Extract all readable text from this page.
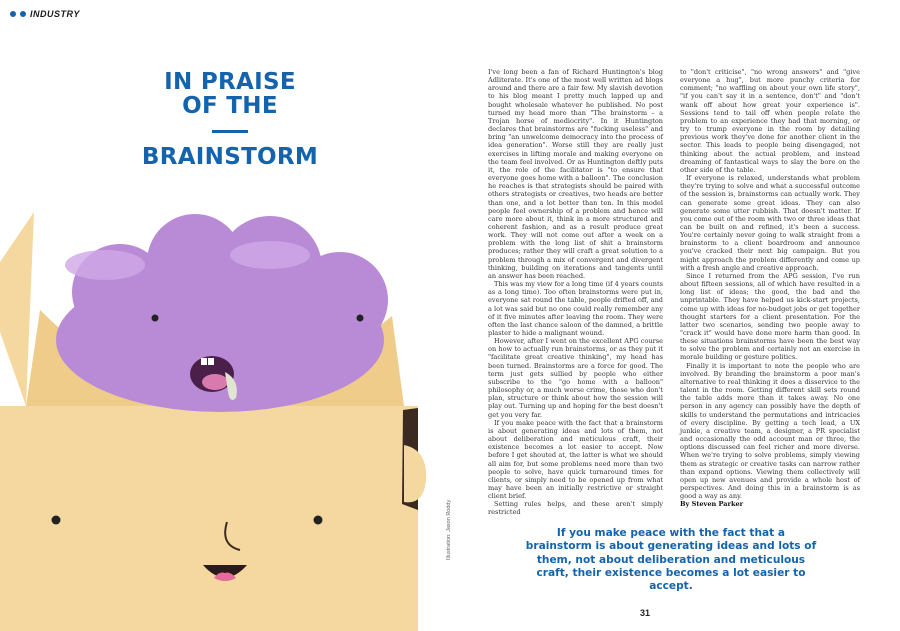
INDUSTRY
IN PRAISE
OF THE
BRAINSTORM

I've long been a fan of Richard Huntington's blog Adliterate. It's one of the most well written ad blogs around and there are a fair few. My slavish devotion to his blog meant I pretty much lapped up and bought wholesale whatever he published. No post turned my head more than "The brainstorm – a Trojan horse of mediocrity". In it Huntington declares that brainstorms are "fucking useless" and bring "an unwelcome democracy into the process of idea generation". Worse still they are really just exercises in lifting morale and making everyone on the team feel involved. Or as Huntington deftly puts it, the role of the facilitator is "to ensure that everyone goes home with a balloon". The conclusion he reaches is that strategists should be paired with others strategists or creatives, two heads are better than one, and a lot better than ten. In this model people feel ownership of a problem and hence will care more about it, think in a more structured and coherent fashion, and as a result produce great work. They will not come out after a week on a problem with the long list of shit a brainstorm produces; rather they will craft a great solution to a problem through a mix of convergent and divergent thinking, building on iterations and tangents until an answer has been reached.

This was my view for a long time (if 4 years counts as a long time). Too often brainstorms were put in, everyone sat round the table, people drifted off, and a lot was said but no one could really remember any of it five minutes after leaving the room. They were often the last chance saloon of the damned, a brittle plaster to hide a malignant wound.

However, after I went on the excellent APG course on how to actually run brainstorms, or as they put it "facilitate great creative thinking", my head has been turned. Brainstorms are a force for good. The term just gets sullied by people who either subscribe to the "go home with a balloon" philosophy or, a much worse crime, those who don't plan, structure or think about how the session will play out. Turning up and hoping for the best doesn't get you very far.

If you make peace with the fact that a brainstorm is about generating ideas and lots of them, not about deliberation and meticulous craft, their existence becomes a lot easier to accept. Now before I get shouted at, the latter is what we should all aim for, but some problems need more than two people to solve, have quick turnaround times for clients, or simply need to be opened up from what may have been an initially restrictive or straight client brief.

Setting rules helps, and these aren't simply restricted

to "don't criticise", "no wrong answers" and "give everyone a hug", but more punchy criteria for comment; "no waffling on about your own life story", "if you can't say it in a sentence, don't" and "don't wank off about how great your experience is". Sessions tend to tail off when people relate the problem to an experience they had that morning, or try to trump everyone in the room by detailing previous work they've done for another client in the sector. This leads to people being disengaged, not thinking about the actual problem, and instead dreaming of fantastical ways to slay the bore on the other side of the table.

If everyone is relaxed, understands what problem they're trying to solve and what a successful outcome of the session is, brainstorms can actually work. They can generate some great ideas. They can also generate some utter rubbish. That doesn't matter. If you come out of the room with two or three ideas that can be built on and refined, it's been a success. You're certainly never going to walk straight from a brainstorm to a client boardroom and announce you've cracked their next big campaign. But you might approach the problem differently and come up with a fresh angle and creative approach.

Since I returned from the APG session, I've run about fifteen sessions, all of which have resulted in a long list of ideas; the good, the bad and the unprintable. They have helped us kick-start projects, come up with ideas for no-budget jobs or get together thought starters for a client presentation. For the latter two scenarios, sending two people away to "crack it" would have done more harm than good. In these situations brainstorms have been the best way to solve the problem and certainly not an exercise in morale building or gesture politics.

Finally it is important to note the people who are involved. By branding the brainstorm a poor man's alternative to real thinking it does a disservice to the talent in the room. Getting different skill sets round the table adds more than it takes away. No one person in any agency can possibly have the depth of skills to understand the permutations and intricacies of every discipline. By getting a tech lead, a UX junkie, a creative team, a designer, a PR specialist and occasionally the odd account man or three, the options discussed can feel richer and more diverse. When we're trying to solve problems, simply viewing them as strategic or creative tasks can narrow rather than expand options. Viewing them collectively will open up new avenues and provide a whole host of perspectives. And doing this in a brainstorm is as good a way as any.

By Steven Parker

Illustration: Jason Roddy	If you make peace with the fact that a brainstorm is about generating ideas and lots of them, not about deliberation and meticulous craft, their existence becomes a lot easier to accept.
31
